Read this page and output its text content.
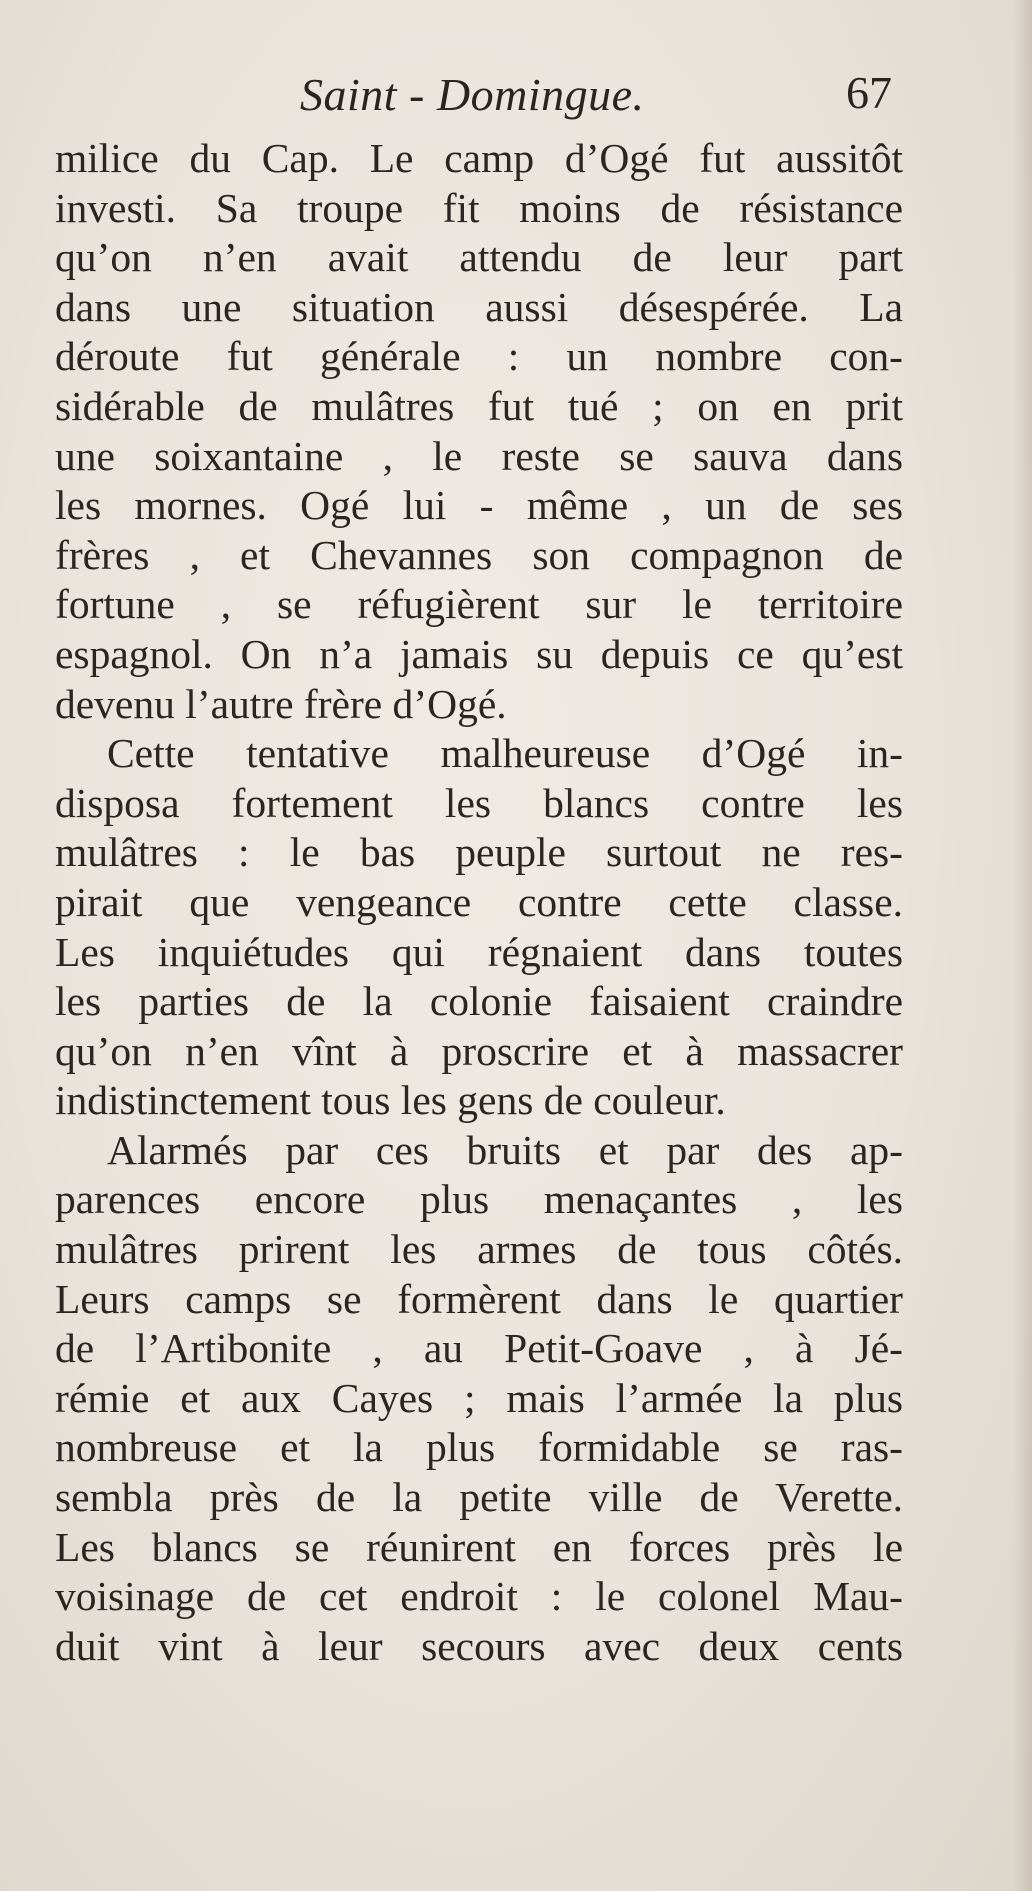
Saint - Domingue.	67
milice du Cap. Le camp d’Ogé fut aussitôt
investi. Sa troupe fit moins de résistance
qu’on n’en avait attendu de leur part
dans une situation aussi désespérée. La
déroute fut générale : un nombre con-
sidérable de mulâtres fut tué ; on en prit
une soixantaine , le reste se sauva dans
les mornes. Ogé lui - même , un de ses
frères , et Chevannes son compagnon de
fortune , se réfugièrent sur le territoire
espagnol. On n’a jamais su depuis ce qu’est
devenu l’autre frère d’Ogé.
Cette tentative malheureuse d’Ogé in-
disposa fortement les blancs contre les
mulâtres : le bas peuple surtout ne res-
pirait que vengeance contre cette classe.
Les inquiétudes qui régnaient dans toutes
les parties de la colonie faisaient craindre
qu’on n’en vînt à proscrire et à massacrer
indistinctement tous les gens de couleur.
Alarmés par ces bruits et par des ap-
parences encore plus menaçantes , les
mulâtres prirent les armes de tous côtés.
Leurs camps se formèrent dans le quartier
de l’Artibonite , au Petit-Goave , à Jé-
rémie et aux Cayes ; mais l’armée la plus
nombreuse et la plus formidable se ras-
sembla près de la petite ville de Verette.
Les blancs se réunirent en forces près le
voisinage de cet endroit : le colonel Mau-
duit vint à leur secours avec deux cents
